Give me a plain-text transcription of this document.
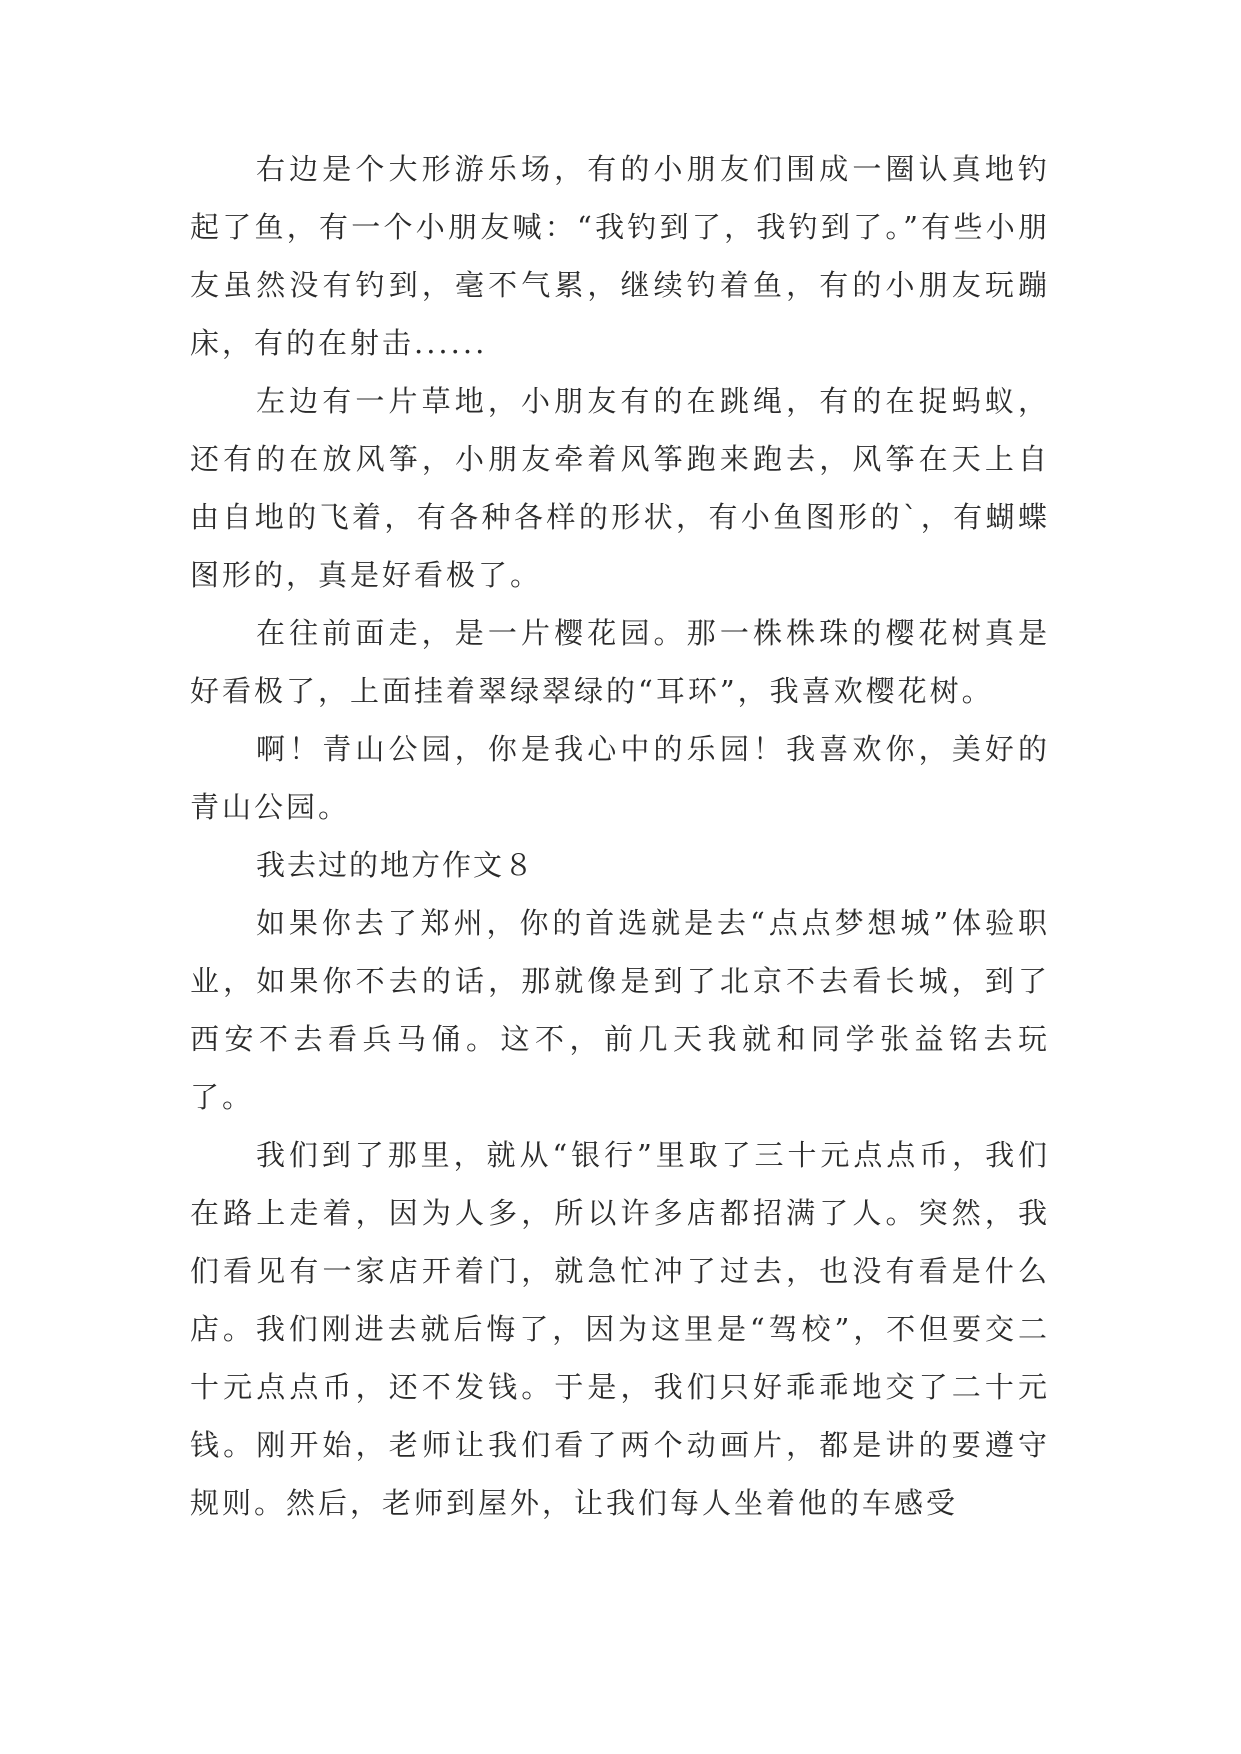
右边是个大形游乐场，有的小朋友们围成一圈认真地钓起了鱼，有一个小朋友喊：“我钓到了，我钓到了。”有些小朋友虽然没有钓到，毫不气累，继续钓着鱼，有的小朋友玩蹦床，有的在射击......

左边有一片草地，小朋友有的在跳绳，有的在捉蚂蚁，还有的在放风筝，小朋友牵着风筝跑来跑去，风筝在天上自由自地的飞着，有各种各样的形状，有小鱼图形的`，有蝴蝶图形的，真是好看极了。

在往前面走，是一片樱花园。那一株株珠的樱花树真是好看极了，上面挂着翠绿翠绿的“耳环”，我喜欢樱花树。

啊！青山公园，你是我心中的乐园！我喜欢你，美好的青山公园。

我去过的地方作文８

如果你去了郑州，你的首选就是去“点点梦想城”体验职业，如果你不去的话，那就像是到了北京不去看长城，到了西安不去看兵马俑。这不，前几天我就和同学张益铭去玩了。

我们到了那里，就从“银行”里取了三十元点点币，我们在路上走着，因为人多，所以许多店都招满了人。突然，我们看见有一家店开着门，就急忙冲了过去，也没有看是什么店。我们刚进去就后悔了，因为这里是“驾校”，不但要交二十元点点币，还不发钱。于是，我们只好乖乖地交了二十元钱。刚开始，老师让我们看了两个动画片，都是讲的要遵守规则。然后，老师到屋外，让我们每人坐着他的车感受
